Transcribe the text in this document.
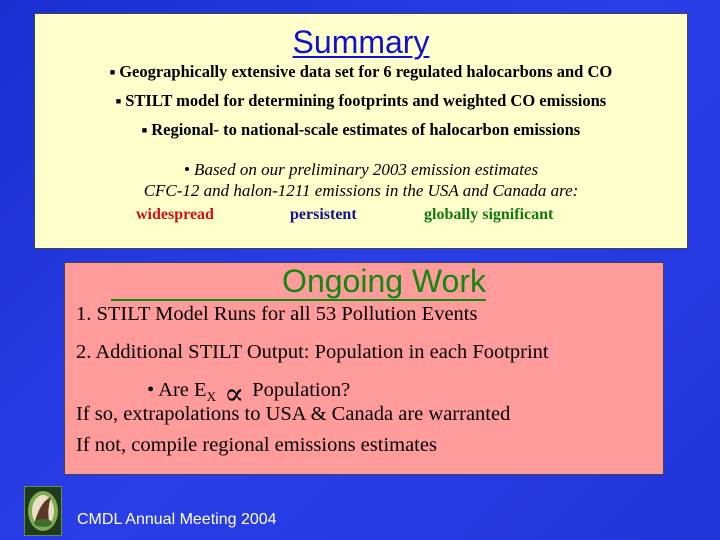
Summary
■ Geographically extensive data set for 6 regulated halocarbons and CO
■ STILT model for determining footprints and weighted CO emissions
■ Regional- to national-scale estimates of halocarbon emissions
• Based on our preliminary 2003 emission estimates
CFC-12 and halon-1211 emissions in the USA and Canada are:
widespread	persistent	globally significant
Ongoing Work
1. STILT Model Runs for all 53 Pollution Events
2. Additional STILT Output: Population in each Footprint
• Are $E_X$ ∝ Population?
If so, extrapolations to USA & Canada are warranted
If not, compile regional emissions estimates
CMDL Annual Meeting 2004
